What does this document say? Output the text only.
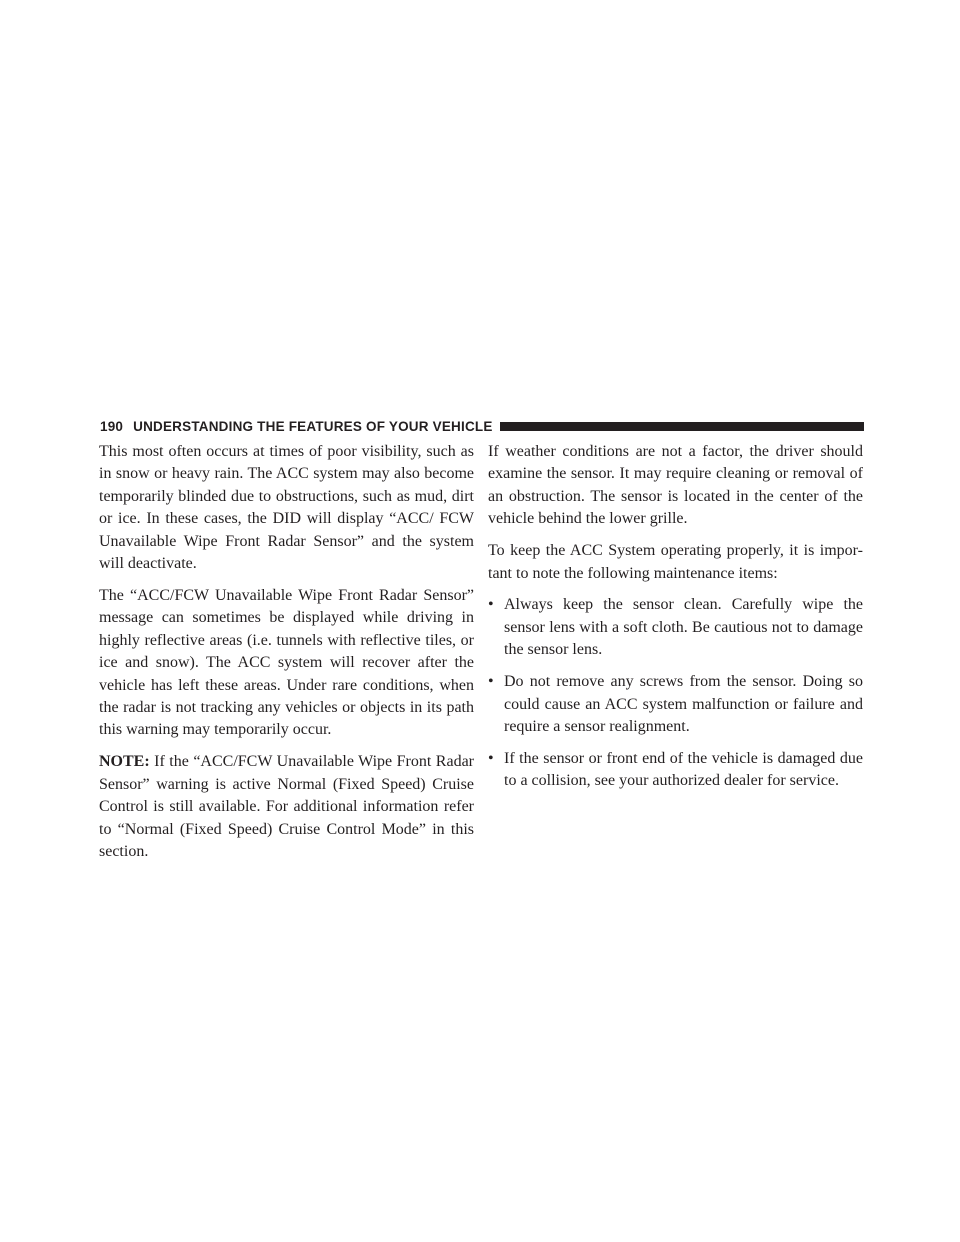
190 UNDERSTANDING THE FEATURES OF YOUR VEHICLE

This most often occurs at times of poor visibility, such as in snow or heavy rain. The ACC system may also become temporarily blinded due to obstructions, such as mud, dirt or ice. In these cases, the DID will display “ACC/ FCW Unavailable Wipe Front Radar Sensor” and the system will deactivate.

The “ACC/FCW Unavailable Wipe Front Radar Sensor” message can sometimes be displayed while driving in highly reflective areas (i.e. tunnels with reflective tiles, or ice and snow). The ACC system will recover after the vehicle has left these areas. Under rare conditions, when the radar is not tracking any vehicles or objects in its path this warning may temporarily occur.

NOTE: If the “ACC/FCW Unavailable Wipe Front Radar Sensor” warning is active Normal (Fixed Speed) Cruise Control is still available. For additional information refer to “Normal (Fixed Speed) Cruise Control Mode” in this section.

If weather conditions are not a factor, the driver should examine the sensor. It may require cleaning or removal of an obstruction. The sensor is located in the center of the vehicle behind the lower grille.

To keep the ACC System operating properly, it is impor- tant to note the following maintenance items:

• Always keep the sensor clean. Carefully wipe the sensor lens with a soft cloth. Be cautious not to damage the sensor lens.
• Do not remove any screws from the sensor. Doing so could cause an ACC system malfunction or failure and require a sensor realignment.
• If the sensor or front end of the vehicle is damaged due to a collision, see your authorized dealer for service.
